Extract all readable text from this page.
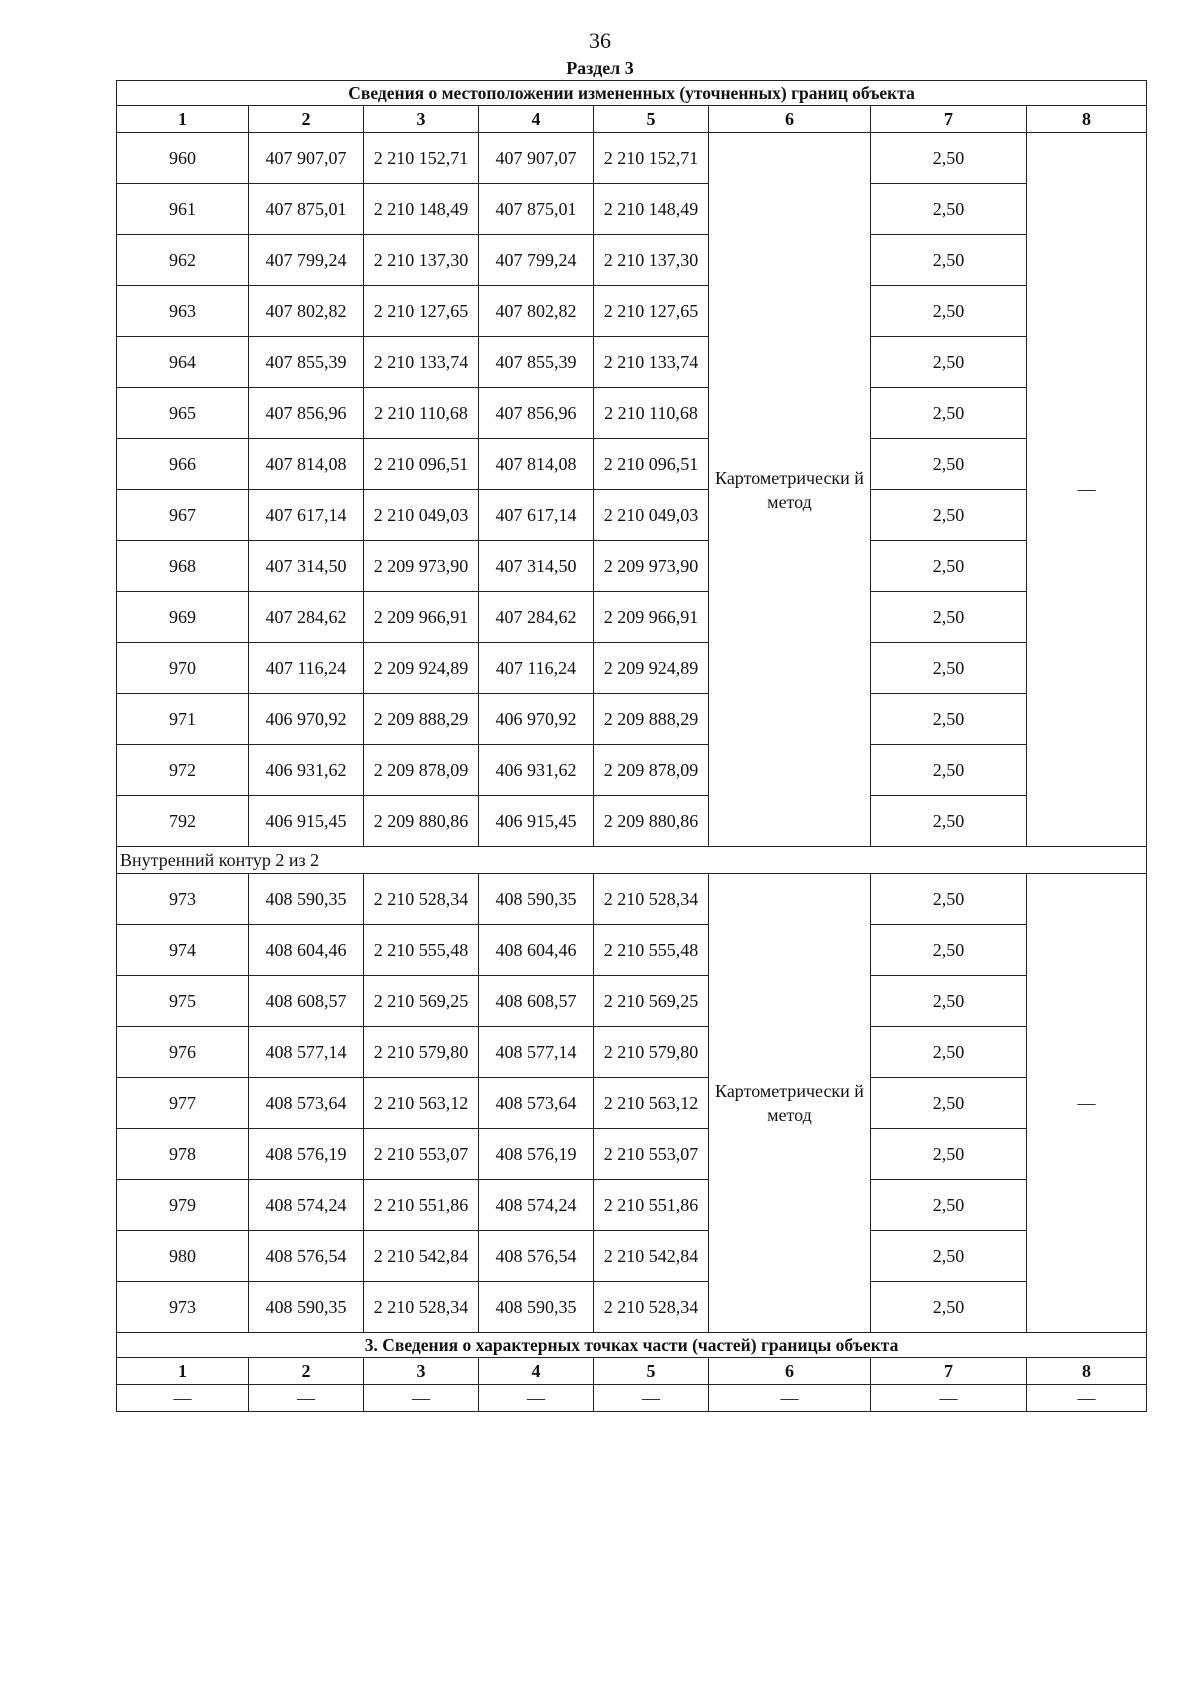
36
Раздел 3
Сведения о местоположении измененных (уточненных) границ объекта							
1	2	3	4	5	6	7	8
960	407 907,07	2 210 152,71	407 907,07	2 210 152,71	Картометрически й метод	2,50	—
961	407 875,01	2 210 148,49	407 875,01	2 210 148,49		2,50	
962	407 799,24	2 210 137,30	407 799,24	2 210 137,30		2,50	
963	407 802,82	2 210 127,65	407 802,82	2 210 127,65		2,50	
964	407 855,39	2 210 133,74	407 855,39	2 210 133,74		2,50	
965	407 856,96	2 210 110,68	407 856,96	2 210 110,68		2,50	
966	407 814,08	2 210 096,51	407 814,08	2 210 096,51		2,50	
967	407 617,14	2 210 049,03	407 617,14	2 210 049,03		2,50	
968	407 314,50	2 209 973,90	407 314,50	2 209 973,90		2,50	
969	407 284,62	2 209 966,91	407 284,62	2 209 966,91		2,50	
970	407 116,24	2 209 924,89	407 116,24	2 209 924,89		2,50	
971	406 970,92	2 209 888,29	406 970,92	2 209 888,29		2,50	
972	406 931,62	2 209 878,09	406 931,62	2 209 878,09		2,50	
792	406 915,45	2 209 880,86	406 915,45	2 209 880,86		2,50	
Внутренний контур 2 из 2							
973	408 590,35	2 210 528,34	408 590,35	2 210 528,34	Картометрически й метод	2,50	—
974	408 604,46	2 210 555,48	408 604,46	2 210 555,48		2,50	
975	408 608,57	2 210 569,25	408 608,57	2 210 569,25		2,50	
976	408 577,14	2 210 579,80	408 577,14	2 210 579,80		2,50	
977	408 573,64	2 210 563,12	408 573,64	2 210 563,12		2,50	
978	408 576,19	2 210 553,07	408 576,19	2 210 553,07		2,50	
979	408 574,24	2 210 551,86	408 574,24	2 210 551,86		2,50	
980	408 576,54	2 210 542,84	408 576,54	2 210 542,84		2,50	
973	408 590,35	2 210 528,34	408 590,35	2 210 528,34		2,50	
3. Сведения о характерных точках части (частей) границы объекта							
1	2	3	4	5	6	7	8
—	—	—	—	—	—	—	—
